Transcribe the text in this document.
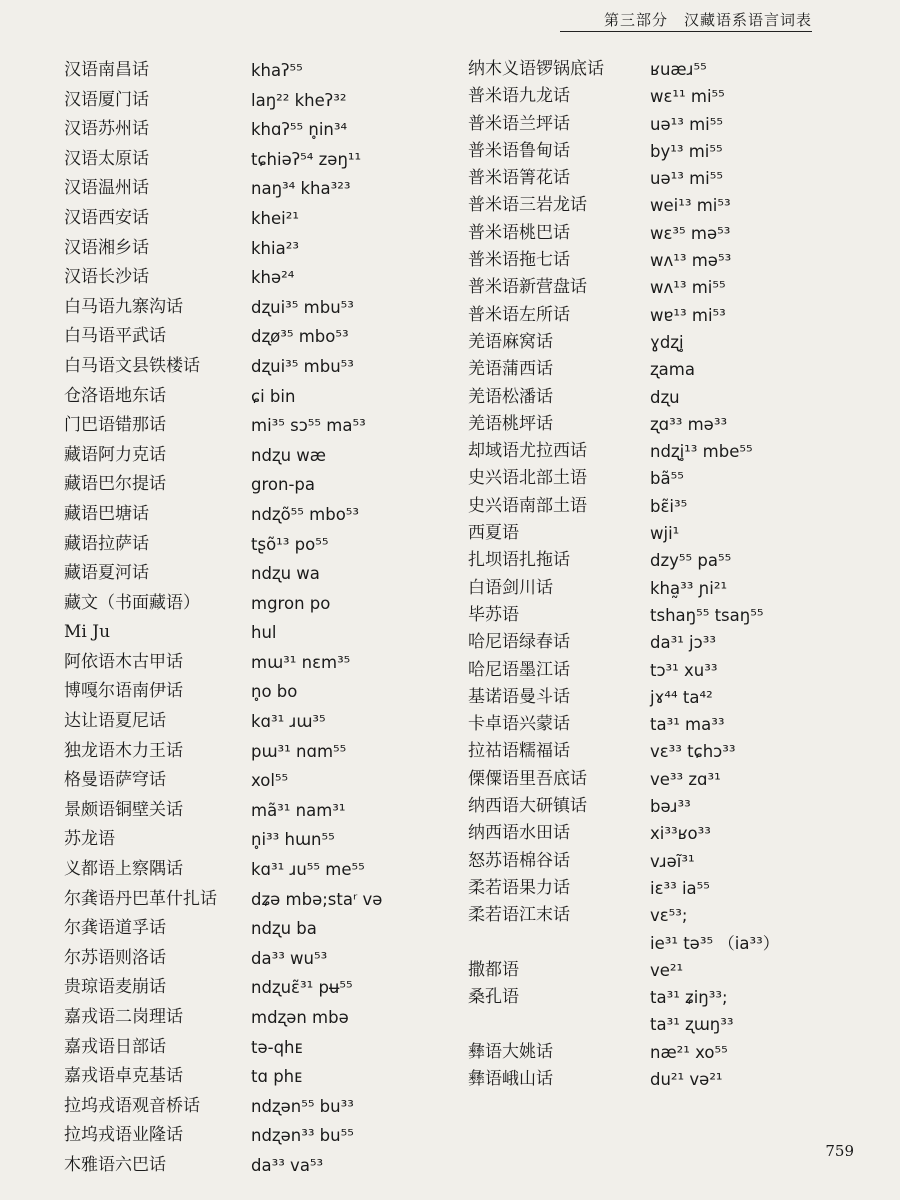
第三部分　汉藏语系语言词表
汉语南昌话	khaʔ⁵⁵
汉语厦门话	laŋ²² kheʔ³²
汉语苏州话	khɑʔ⁵⁵ n̥in³⁴
汉语太原话	tɕhiəʔ⁵⁴ zəŋ¹¹
汉语温州话	naŋ³⁴ kha³²³
汉语西安话	khei²¹
汉语湘乡话	khia²³
汉语长沙话	khə²⁴
白马语九寨沟话	dʐui³⁵ mbu⁵³
白马语平武话	dʐø³⁵ mbo⁵³
白马语文县铁楼话	dʐui³⁵ mbu⁵³
仓洛语地东话	ɕi bin
门巴语错那话	mi³⁵ sɔ⁵⁵ ma⁵³
藏语阿力克话	ndʐu wæ
藏语巴尔提话	gron-pa
藏语巴塘话	ndʐõ⁵⁵ mbo⁵³
藏语拉萨话	tʂõ¹³ po⁵⁵
藏语夏河话	ndʐu wa
藏文（书面藏语）	mgron po
Mi Ju	hul
阿依语木古甲话	mɯ³¹ nɛm³⁵
博嘎尔语南伊话	n̥o bo
达让语夏尼话	kɑ³¹ ɹɯ³⁵
独龙语木力王话	pɯ³¹ nɑm⁵⁵
格曼语萨穹话	xol⁵⁵
景颇语铜壁关话	mã³¹ nam³¹
苏龙语	n̥i³³ hɯn⁵⁵
义都语上察隅话	kɑ³¹ ɹu⁵⁵ me⁵⁵
尔龚语丹巴革什扎话 dʑə mbə;staʳ və
尔龚语道孚话	ndʐu ba
尔苏语则洛话	da³³ wu⁵³
贵琼语麦崩话	ndʐuɛ̃³¹ pʉ⁵⁵
嘉戎语二岗理话	mdʐən mbə
嘉戎语日部话	tə-qhᴇ
嘉戎语卓克基话	tɑ phᴇ
拉坞戎语观音桥话	ndʐən⁵⁵ bu³³
拉坞戎语业隆话	ndʐən³³ bu⁵⁵
木雅语六巴话	da³³ va⁵³
纳木义语锣锅底话	ʁuæɹ⁵⁵
普米语九龙话	wɛ¹¹ mi⁵⁵
普米语兰坪话	uə¹³ mi⁵⁵
普米语鲁甸话	by¹³ mi⁵⁵
普米语箐花话	uə¹³ mi⁵⁵
普米语三岩龙话	wei¹³ mi⁵³
普米语桃巴话	wɛ³⁵ mə⁵³
普米语拖七话	wʌ¹³ mə⁵³
普米语新营盘话	wʌ¹³ mi⁵⁵
普米语左所话	wɐ¹³ mi⁵³
羌语麻窝话	ɣdʐi̥
羌语蒲西话	ʐama
羌语松潘话	dʐu
羌语桃坪话	ʐɑ³³ mə³³
却域语尤拉西话	ndʐi̥¹³ mbe⁵⁵
史兴语北部土语	bã⁵⁵
史兴语南部土语	bɛ̃i³⁵
西夏语	wji¹
扎坝语扎拖话	dzy⁵⁵ pa⁵⁵
白语剑川话	kha̰³³ ɲi²¹
毕苏语	tshaŋ⁵⁵ tsaŋ⁵⁵
哈尼语绿春话	da³¹ jɔ³³
哈尼语墨江话	tɔ³¹ xu³³
基诺语曼斗话	jɤ⁴⁴ ta⁴²
卡卓语兴蒙话	ta³¹ ma³³
拉祜语糯福话	vɛ³³ tɕhɔ³³
傈僳语里吾底话	ve³³ zɑ³¹
纳西语大研镇话	bəɹ³³
纳西语水田话	xi³³ʁo³³
怒苏语棉谷话	vɹəĩ³¹
柔若语果力话	iɛ³³ ia⁵⁵
柔若语江末话	vɛ⁵³;
ie³¹ tə³⁵ （ia³³）
撒都语	ve²¹
桑孔语	ta³¹ ʑiŋ³³;
ta³¹ ʐɯŋ³³
彝语大姚话	næ²¹ xo⁵⁵
彝语峨山话	du²¹ və²¹
759
